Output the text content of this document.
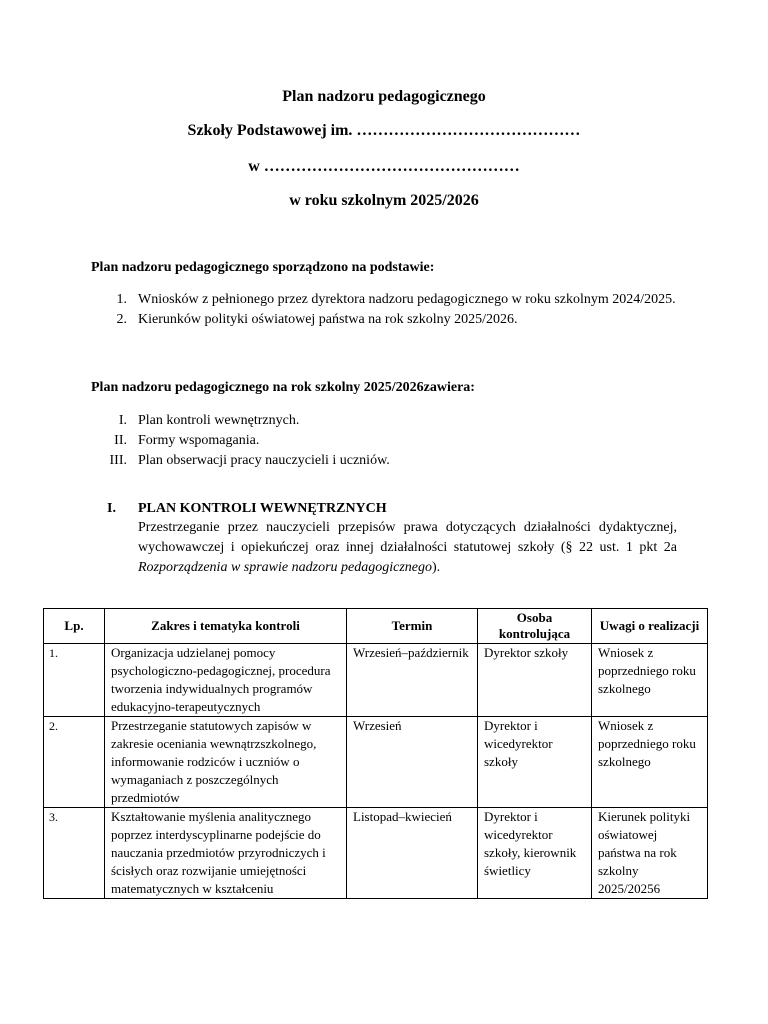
Plan nadzoru pedagogicznego
Szkoły Podstawowej im. ……………………………………
w …………………………………………
w roku szkolnym 2025/2026
Plan nadzoru pedagogicznego sporządzono na podstawie:
1. Wniosków z pełnionego przez dyrektora nadzoru pedagogicznego w roku szkolnym 2024/2025.
2. Kierunków polityki oświatowej państwa na rok szkolny 2025/2026.
Plan nadzoru pedagogicznego na rok szkolny 2025/2026zawiera:
I. Plan kontroli wewnętrznych.
II. Formy wspomagania.
III. Plan obserwacji pracy nauczycieli i uczniów.
I. PLAN KONTROLI WEWNĘTRZNYCH
Przestrzeganie przez nauczycieli przepisów prawa dotyczących działalności dydaktycznej, wychowawczej i opiekuńczej oraz innej działalności statutowej szkoły (§ 22 ust. 1 pkt 2a Rozporządzenia w sprawie nadzoru pedagogicznego).
Lp.	Zakres i tematyka kontroli	Termin	Osoba kontrolująca	Uwagi o realizacji
1.	Organizacja udzielanej pomocy psychologiczno-pedagogicznej, procedura tworzenia indywidualnych programów edukacyjno-terapeutycznych	Wrzesień–październik	Dyrektor szkoły	Wniosek z poprzedniego roku szkolnego
2.	Przestrzeganie statutowych zapisów w zakresie oceniania wewnątrzszkolnego, informowanie rodziców i uczniów o wymaganiach z poszczególnych przedmiotów	Wrzesień	Dyrektor i wicedyrektor szkoły	Wniosek z poprzedniego roku szkolnego
3.	Kształtowanie myślenia analitycznego poprzez interdyscyplinarne podejście do nauczania przedmiotów przyrodniczych i ścisłych oraz rozwijanie umiejętności matematycznych w kształceniu	Listopad–kwiecień	Dyrektor i wicedyrektor szkoły, kierownik świetlicy	Kierunek polityki oświatowej państwa na rok szkolny 2025/20256
